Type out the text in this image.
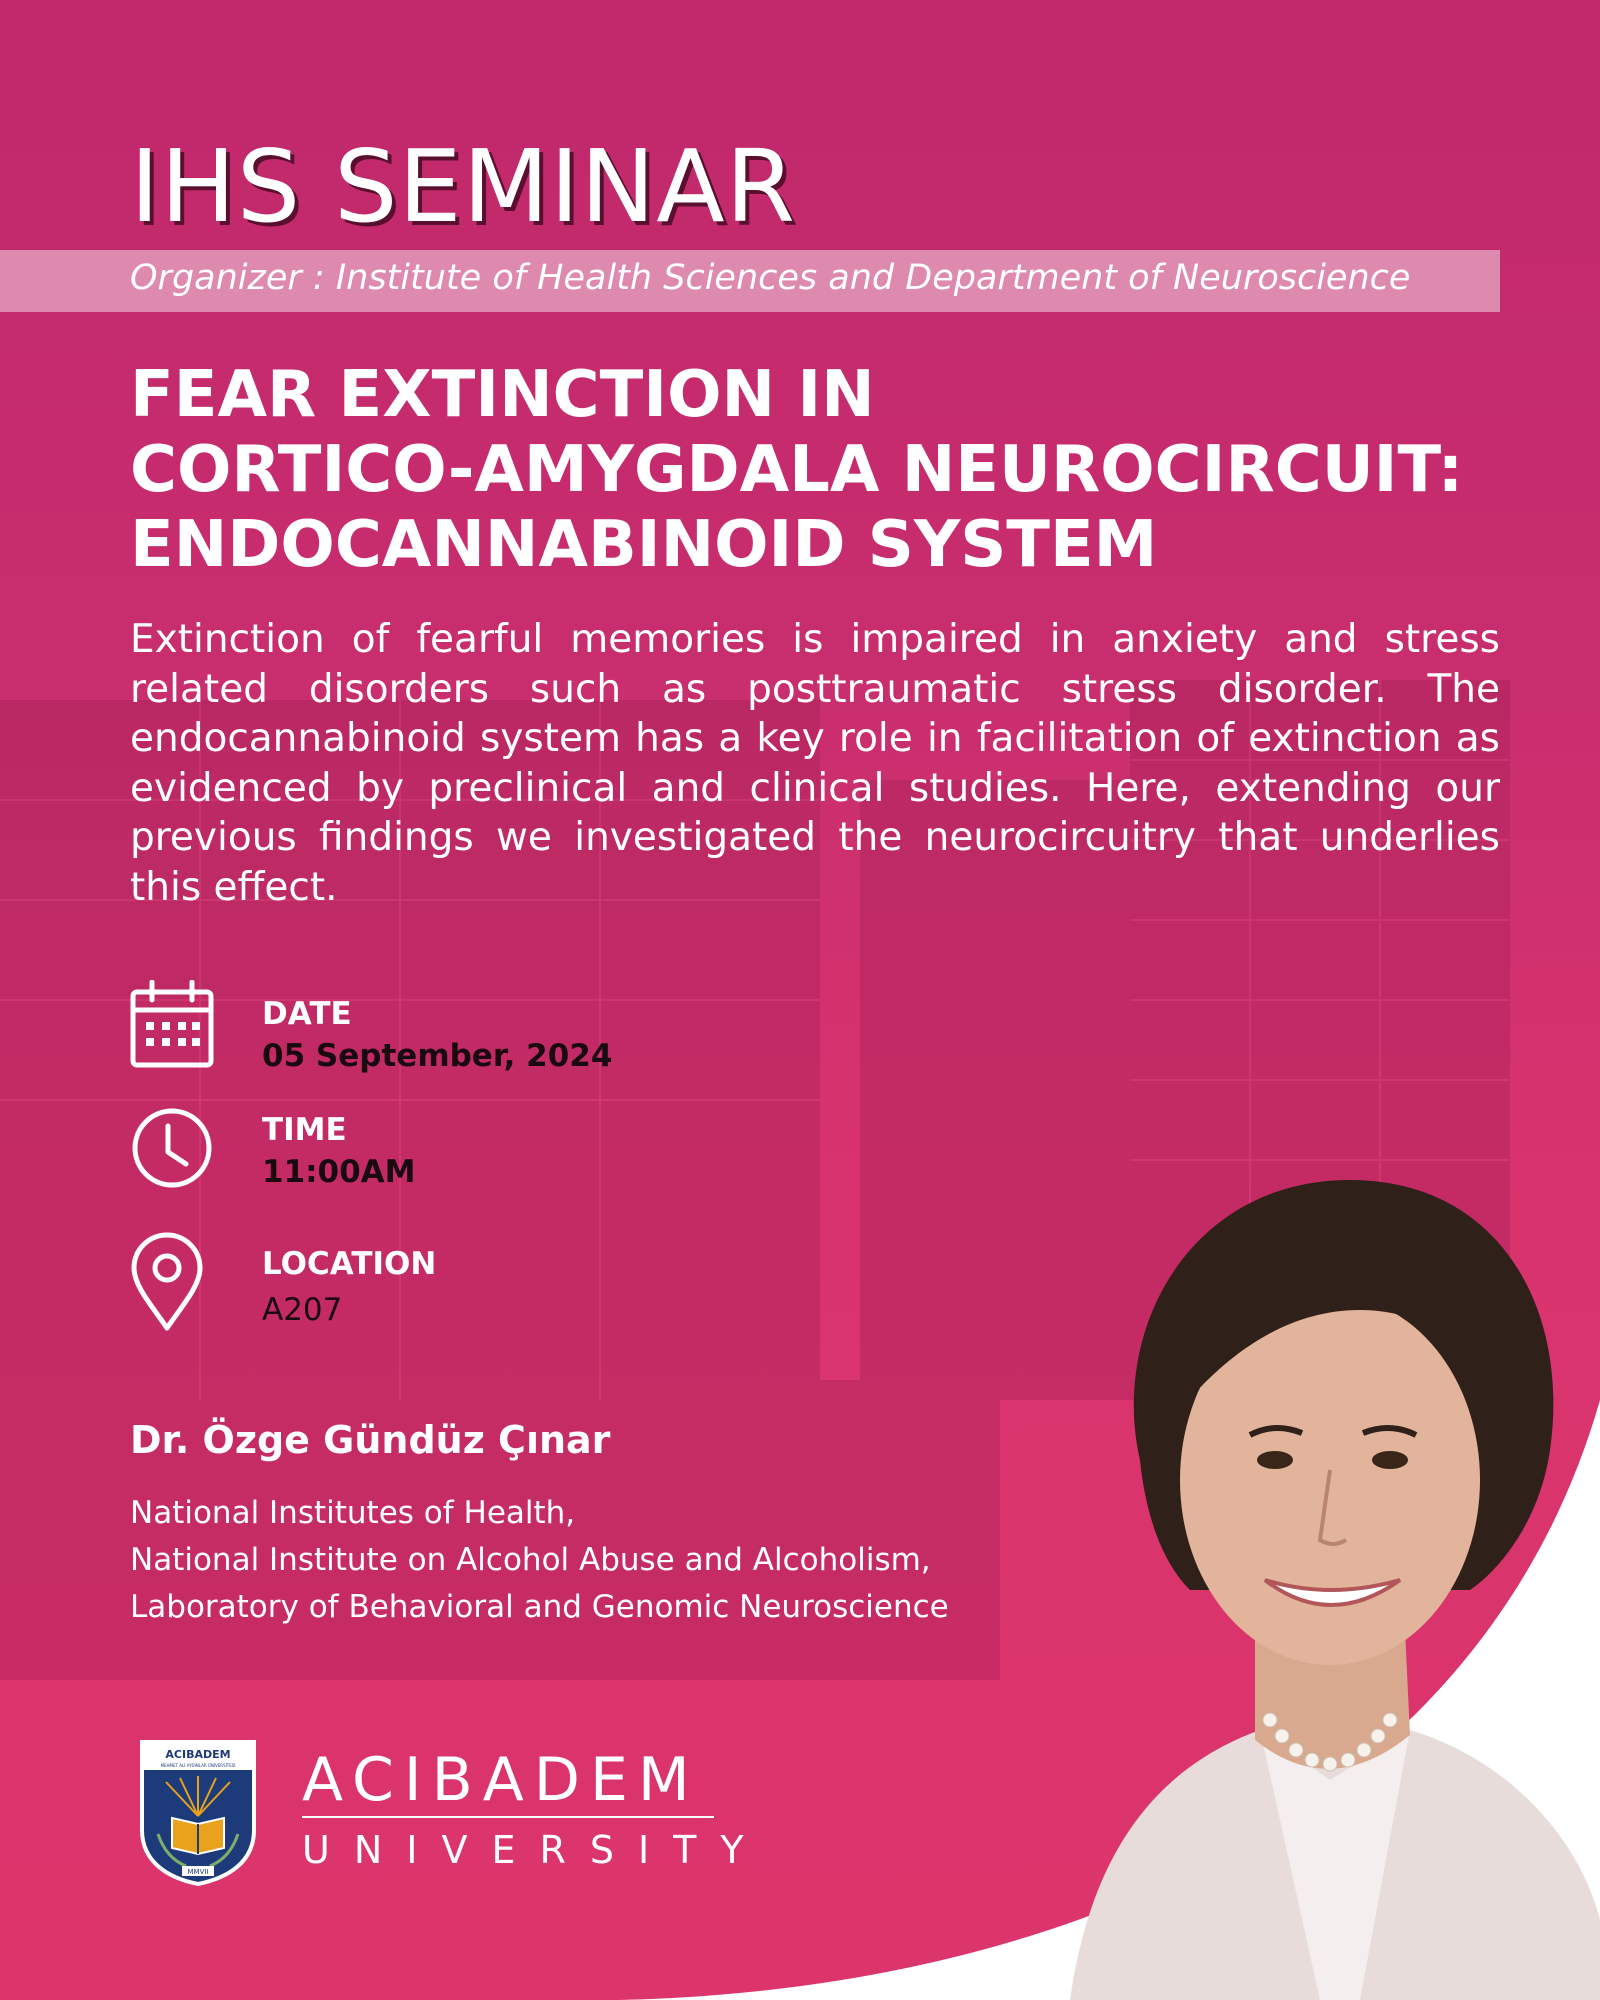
IHS SEMINAR
Organizer : Institute of Health Sciences and Department of Neuroscience
FEAR EXTINCTION IN
CORTICO-AMYGDALA NEUROCIRCUIT:
ENDOCANNABINOID SYSTEM

Extinction of fearful memories is impaired in anxiety and stress related disorders such as posttraumatic stress disorder. The endocannabinoid system has a key role in facilitation of extinction as evidenced by preclinical and clinical studies. Here, extending our previous findings we investigated the neurocircuitry that underlies this effect.

DATE
05 September, 2024
TIME
11:00AM
LOCATION
A207
Dr. Özge Gündüz Çınar
National Institutes of Health,
National Institute on Alcohol Abuse and Alcoholism,
Laboratory of Behavioral and Genomic Neuroscience
ACIBADEM
MEHMET ALİ AYDINLAR ÜNİVERSİTESİ
MMVII
ACIBADEM
UNIVERSITY
